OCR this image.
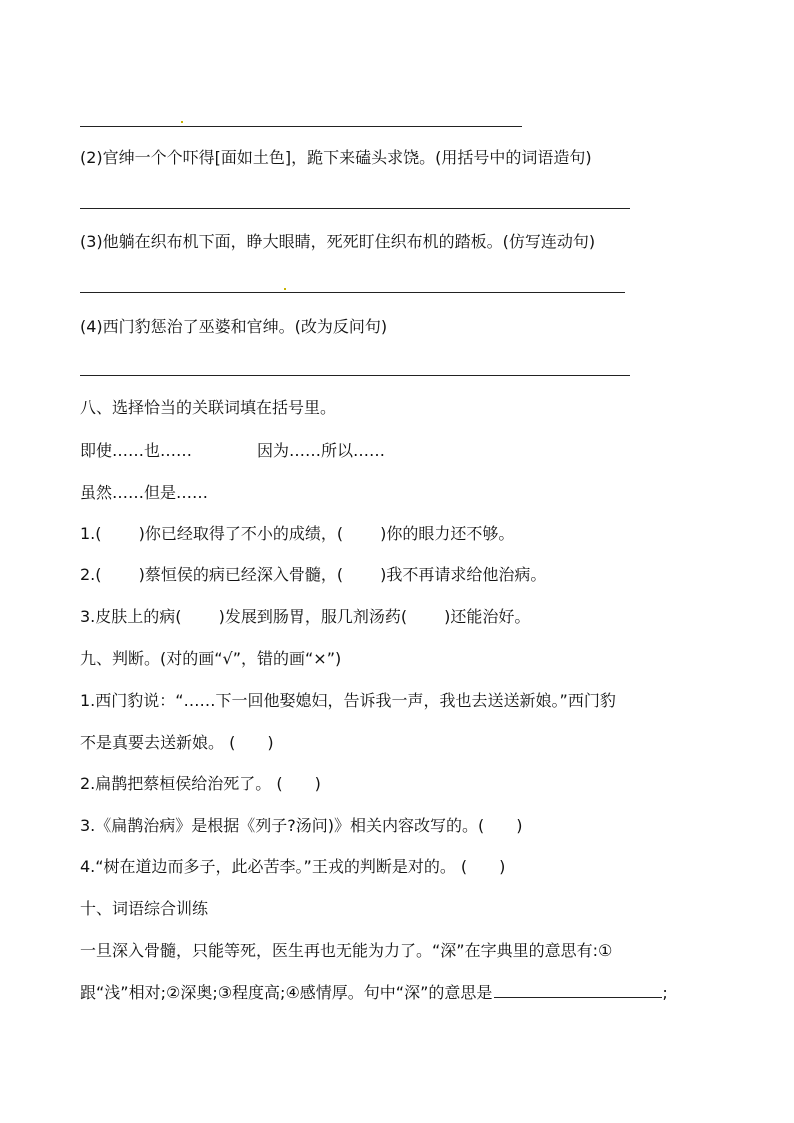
(2)官绅一个个吓得[面如土色]，跪下来磕头求饶。(用括号中的词语造句)

(3)他躺在织布机下面，睁大眼睛，死死盯住织布机的踏板。(仿写连动句)

(4)西门豹惩治了巫婆和官绅。(改为反问句)

八、选择恰当的关联词填在括号里。

即使……也……	因为……所以……

虽然……但是……

1.(　　 )你已经取得了不小的成绩，(　　 )你的眼力还不够。

2.(　　 )蔡恒侯的病已经深入骨髓，(　　 )我不再请求给他治病。

3.皮肤上的病(　　 )发展到肠胃，服几剂汤药(　　 )还能治好。

九、判断。(对的画“√”，错的画“×”)

1.西门豹说：“……下一回他娶媳妇，告诉我一声，我也去送送新娘。”西门豹

不是真要去送新娘。 (　　)

2.扁鹊把蔡桓侯给治死了。 (　　)

3.《扁鹊治病》是根据《列子?汤问)》相关内容改写的。(　　)

4.“树在道边而多子，此必苦李。”王戎的判断是对的。 (　　)

十、词语综合训练

一旦深入骨髓，只能等死，医生再也无能为力了。“深”在字典里的意思有:①

跟“浅”相对;②深奥;③程度高;④感情厚。句中“深”的意思是	;
